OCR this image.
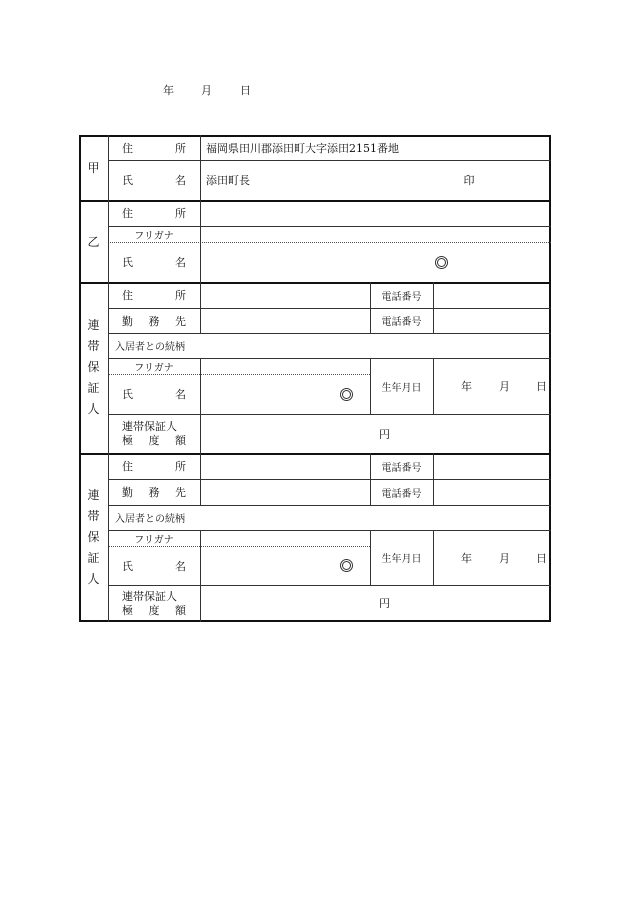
年 月	日
甲
住	所 福岡県田川郡添田町大字添田2151番地
氏	名 添田町長	印
乙
住	所
フリガナ
氏	名
連
帯
保
証
人
住	所	電話番号
勤 務 先	電話番号
入居者との続柄
フリガナ
氏	名	生年月日	年 月 日
連帯保証人
極 度 額	円
連
帯
保
証
人
住	所	電話番号
勤 務 先	電話番号
入居者との続柄
フリガナ
氏	名	生年月日	年 月 日
連帯保証人
極 度 額	円
